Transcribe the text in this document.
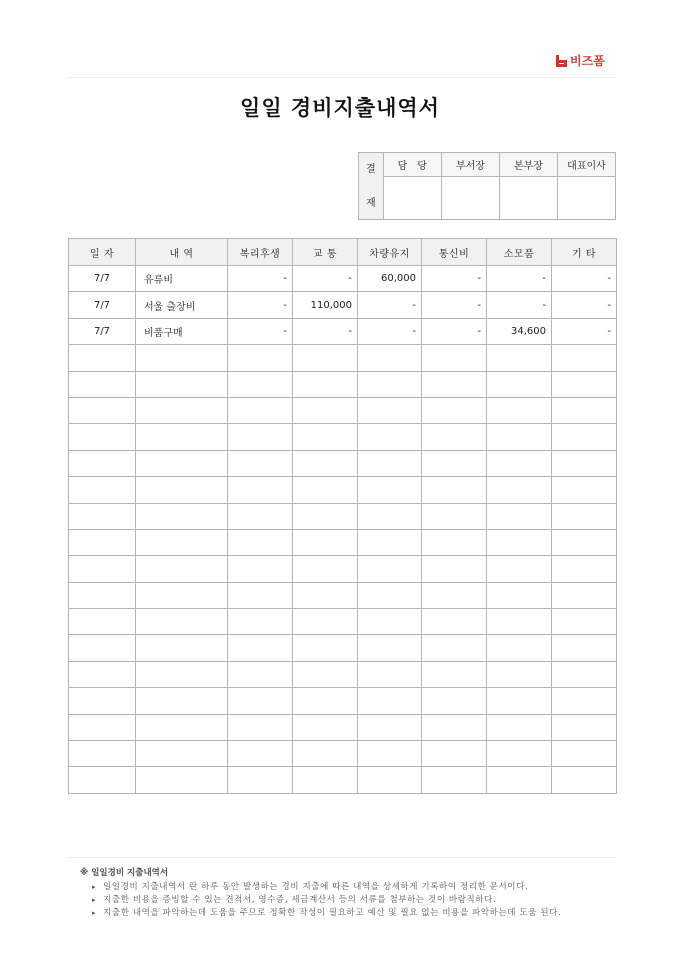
비즈폼
일일 경비지출내역서
결
재	담　당	부서장	본부장	대표이사

일 자	내 역	복리후생	교 통	차량유지	통신비	소모품	기 타
7/7	유류비	-	-	60,000	-	-	-
7/7	서울 출장비	-	110,000	-	-	-	-
7/7	비품구매	-	-	-	-	34,600	-

※ 일일경비 지출내역서
▸ 일일경비 지출내역서 란 하루 동안 발생하는 경비 지출에 따른 내역을 상세하게 기록하여 정리한 문서이다.
▸ 지출한 비용을 증빙할 수 있는 견적서, 영수증, 세금계산서 등의 서류를 첨부하는 것이 바람직하다.
▸ 지출한 내역을 파악하는데 도움을 주므로 정확한 작성이 필요하고 예산 및 필요 없는 비용을 파악하는데 도움 된다.
